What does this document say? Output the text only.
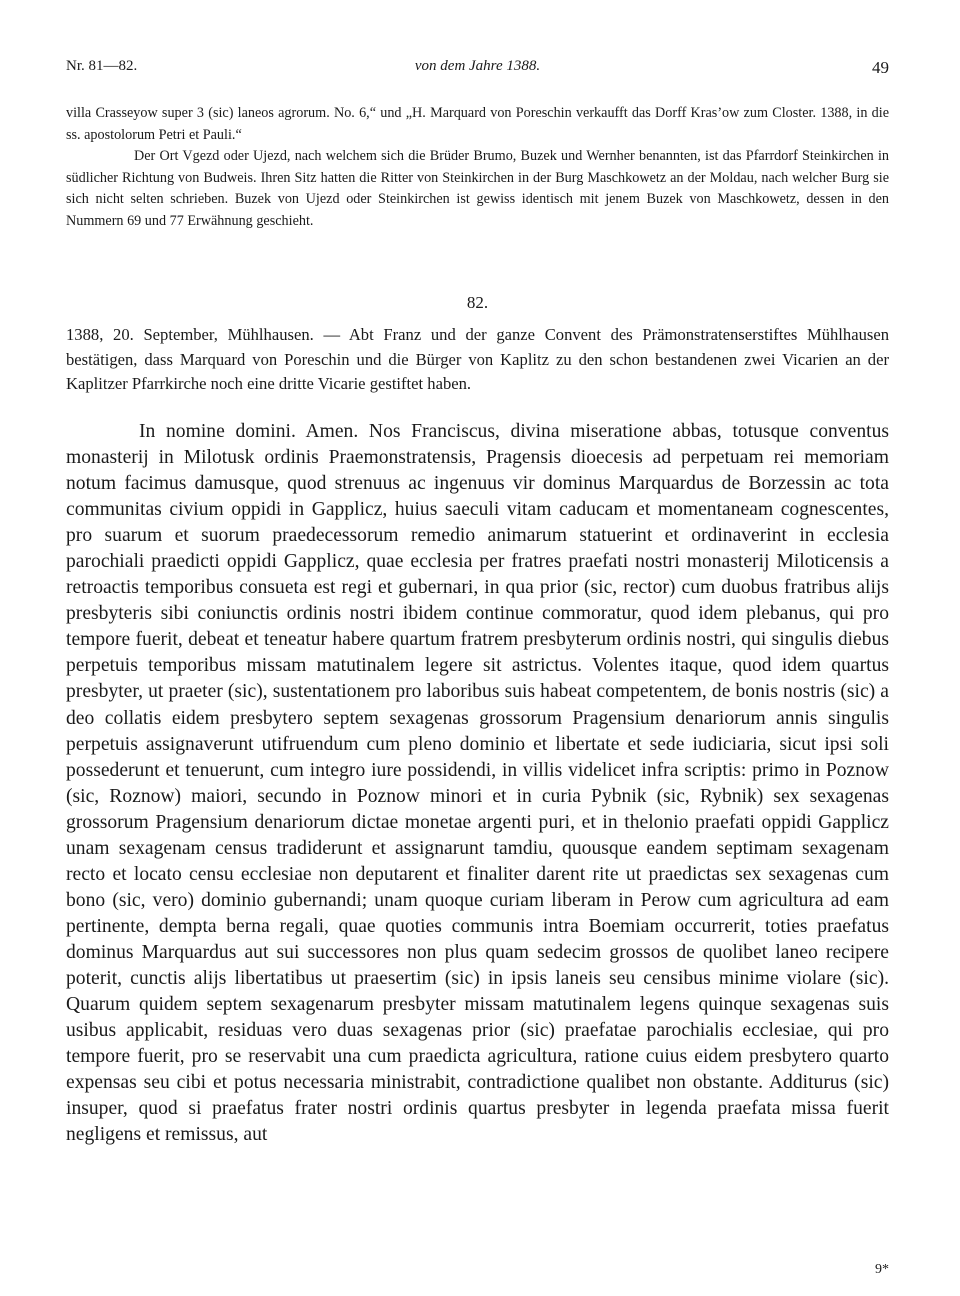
von dem Jahre 1388.
Nr. 81—82.	49

villa Crasseyow super 3 (sic) laneos agrorum. No. 6,“ und „H. Marquard von Poreschin verkaufft das Dorff Kras’ow zum Closter. 1388, in die ss. apostolorum Petri et Pauli.“

Der Ort Vgezd oder Ujezd, nach welchem sich die Brüder Brumo, Buzek und Wernher benannten, ist das Pfarrdorf Steinkirchen in südlicher Richtung von Budweis. Ihren Sitz hatten die Ritter von Steinkirchen in der Burg Maschkowetz an der Moldau, nach welcher Burg sie sich nicht selten schrieben. Buzek von Ujezd oder Steinkirchen ist gewiss identisch mit jenem Buzek von Maschkowetz, dessen in den Nummern 69 und 77 Erwähnung geschieht.

82.
1388, 20. September, Mühlhausen. — Abt Franz und der ganze Convent des Prämonstratenserstiftes Mühlhausen bestätigen, dass Marquard von Poreschin und die Bürger von Kaplitz zu den schon bestandenen zwei Vicarien an der Kaplitzer Pfarrkirche noch eine dritte Vicarie gestiftet haben.

In nomine domini. Amen. Nos Franciscus, divina miseratione abbas, totusque conventus monasterij in Milotusk ordinis Praemonstratensis, Pragensis dioecesis ad perpetuam rei memoriam notum facimus damusque, quod strenuus ac ingenuus vir dominus Marquardus de Borzessin ac tota communitas civium oppidi in Gapplicz, huius saeculi vitam caducam et momentaneam cognescentes, pro suarum et suorum praedecessorum remedio animarum statuerint et ordinaverint in ecclesia parochiali praedicti oppidi Gapplicz, quae ecclesia per fratres praefati nostri monasterij Miloticensis a retroactis temporibus consueta est regi et gubernari, in qua prior (sic, rector) cum duobus fratribus alijs presbyteris sibi coniunctis ordinis nostri ibidem continue commoratur, quod idem plebanus, qui pro tempore fuerit, debeat et teneatur habere quartum fratrem presbyterum ordinis nostri, qui singulis diebus perpetuis temporibus missam matutinalem legere sit astrictus. Volentes itaque, quod idem quartus presbyter, ut praeter (sic), sustentationem pro laboribus suis habeat competentem, de bonis nostris (sic) a deo collatis eidem presbytero septem sexagenas grossorum Pragensium denariorum annis singulis perpetuis assignaverunt utifruendum cum pleno dominio et libertate et sede iudiciaria, sicut ipsi soli possederunt et tenuerunt, cum integro iure possidendi, in villis videlicet infra scriptis: primo in Poznow (sic, Roznow) maiori, secundo in Poznow minori et in curia Pybnik (sic, Rybnik) sex sexagenas grossorum Pragensium denariorum dictae monetae argenti puri, et in thelonio praefati oppidi Gapplicz unam sexagenam census tradiderunt et assignarunt tamdiu, quousque eandem septimam sexagenam recto et locato censu ecclesiae non deputarent et finaliter darent rite ut praedictas sex sexagenas cum bono (sic, vero) dominio gubernandi; unam quoque curiam liberam in Perow cum agricultura ad eam pertinente, dempta berna regali, quae quoties communis intra Boemiam occurrerit, toties praefatus dominus Marquardus aut sui successores non plus quam sedecim grossos de quolibet laneo recipere poterit, cunctis alijs libertatibus ut praesertim (sic) in ipsis laneis seu censibus minime violare (sic). Quarum quidem septem sexagenarum presbyter missam matutinalem legens quinque sexagenas suis usibus applicabit, residuas vero duas sexagenas prior (sic) praefatae parochialis ecclesiae, qui pro tempore fuerit, pro se reservabit una cum praedicta agricultura, ratione cuius eidem presbytero quarto expensas seu cibi et potus necessaria ministrabit, contradictione qualibet non obstante. Additurus (sic) insuper, quod si praefatus frater nostri ordinis quartus presbyter in legenda praefata missa fuerit negligens et remissus, aut

9*
